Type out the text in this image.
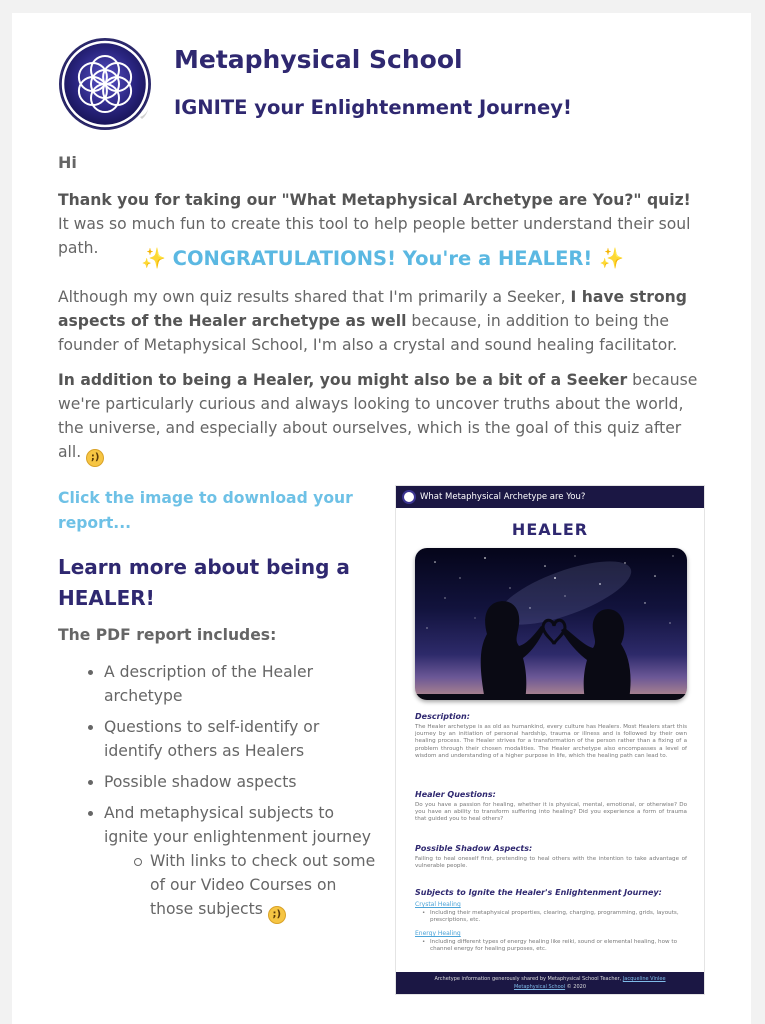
Metaphysical School
IGNITE your Enlightenment Journey!
Hi
Thank you for taking our "What Metaphysical Archetype are You?" quiz! It was so much fun to create this tool to help people better understand their soul path.	✨ CONGRATULATIONS! You're a HEALER! ✨
Although my own quiz results shared that I'm primarily a Seeker, I have strong aspects of the Healer archetype as well because, in addition to being the founder of Metaphysical School, I'm also a crystal and sound healing facilitator.
In addition to being a Healer, you might also be a bit of a Seeker because we're particularly curious and always looking to uncover truths about the world, the universe, and especially about ourselves, which is the goal of this quiz after all. ;)
Click the image to download your report...
Learn more about being a HEALER!
The PDF report includes:
A description of the Healer archetype
Questions to self-identify or identify others as Healers
Possible shadow aspects
And metaphysical subjects to ignite your enlightenment journey
With links to check out some of our Video Courses on those subjects ;)
What Metaphysical Archetype are You?
HEALER
Description:
The Healer archetype is as old as humankind, every culture has Healers. Most Healers start this journey by an initiation of personal hardship, trauma or illness and is followed by their own healing process. The Healer strives for a transformation of the person rather than a fixing of a problem through their chosen modalities. The Healer archetype also encompasses a level of wisdom and understanding of a higher purpose in life, which the healing path can lead to.
Healer Questions:
Do you have a passion for healing, whether it is physical, mental, emotional, or otherwise? Do you have an ability to transform suffering into healing? Did you experience a form of trauma that guided you to heal others?
Possible Shadow Aspects:
Failing to heal oneself first, pretending to heal others with the intention to take advantage of vulnerable people.
Subjects to Ignite the Healer's Enlightenment Journey:
Crystal Healing
• Including their metaphysical properties, clearing, charging, programming, grids, layouts, prescriptions, etc.
Energy Healing
• Including different types of energy healing like reiki, sound or elemental healing, how to channel energy for healing purposes, etc.
Archetype information generously shared by Metaphysical School Teacher, Jacqueline Vinlee
Metaphysical School © 2020
